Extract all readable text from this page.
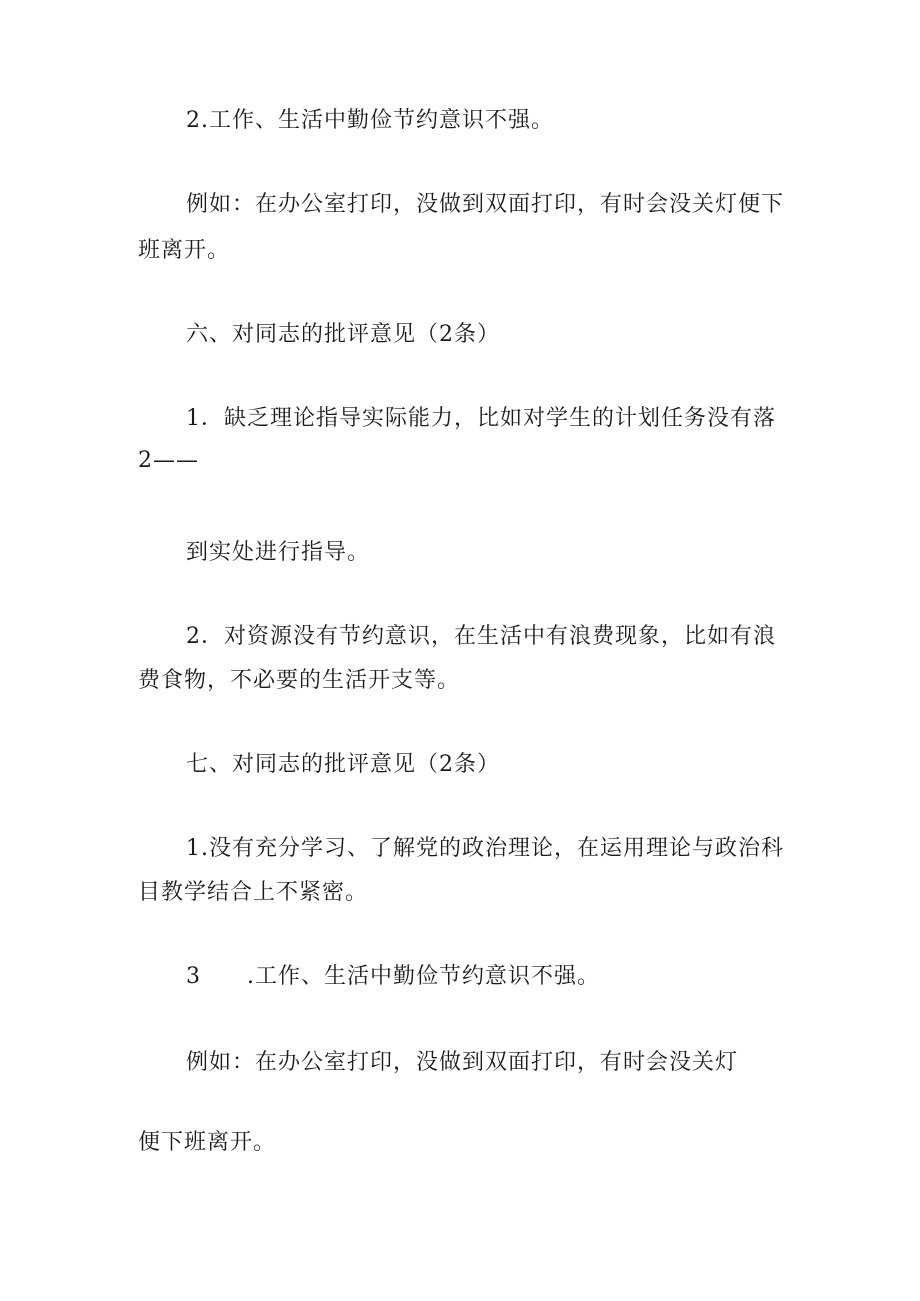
2.工作、生活中勤俭节约意识不强。
例如：在办公室打印，没做到双面打印，有时会没关灯便下
班离开。
六、对同志的批评意见（2条）
1．缺乏理论指导实际能力，比如对学生的计划任务没有落
2——
到实处进行指导。
2．对资源没有节约意识，在生活中有浪费现象，比如有浪
费食物，不必要的生活开支等。
七、对同志的批评意见（2条）
1.没有充分学习、了解党的政治理论，在运用理论与政治科
目教学结合上不紧密。
3　　.工作、生活中勤俭节约意识不强。
例如：在办公室打印，没做到双面打印，有时会没关灯
便下班离开。
